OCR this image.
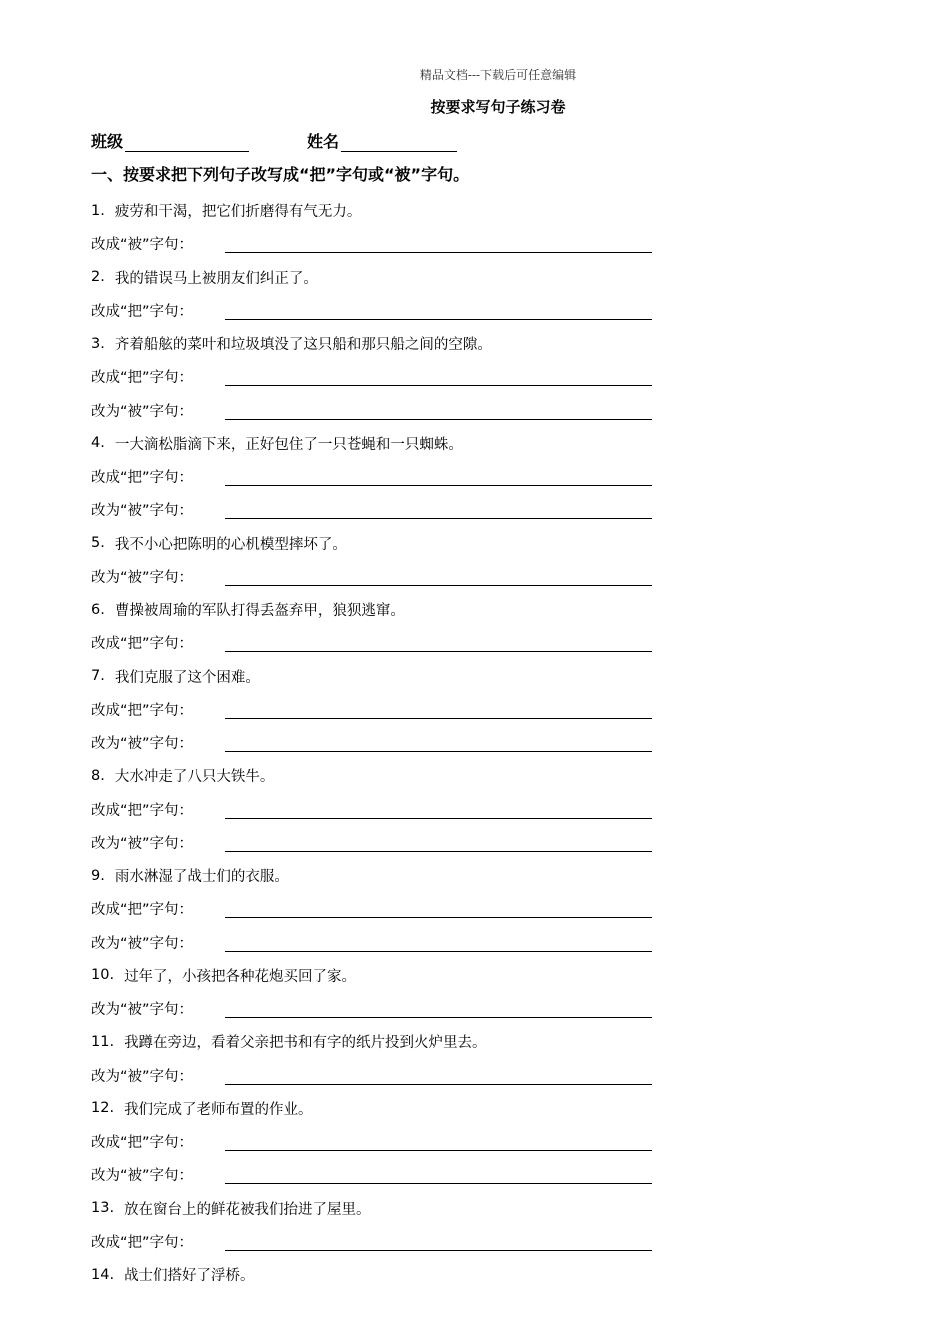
精品文档---下载后可任意编辑
按要求写句子练习卷
班级	姓名
一、按要求把下列句子改写成“把”字句或“被”字句。
1. 疲劳和干渴，把它们折磨得有气无力。
改成“被”字句：
2. 我的错误马上被朋友们纠正了。
改成“把”字句：
3. 齐着船舷的菜叶和垃圾填没了这只船和那只船之间的空隙。
改成“把”字句：
改为“被”字句：
4. 一大滴松脂滴下来，正好包住了一只苍蝇和一只蜘蛛。
改成“把”字句：
改为“被”字句：
5. 我不小心把陈明的心机模型摔坏了。
改为“被”字句：
6. 曹操被周瑜的军队打得丢盔弃甲，狼狈逃窜。
改成“把”字句：
7. 我们克服了这个困难。
改成“把”字句：
改为“被”字句：
8. 大水冲走了八只大铁牛。
改成“把”字句：
改为“被”字句：
9. 雨水淋湿了战士们的衣服。
改成“把”字句：
改为“被”字句：
10. 过年了，小孩把各种花炮买回了家。
改为“被”字句：
11. 我蹲在旁边，看着父亲把书和有字的纸片投到火炉里去。
改为“被”字句：
12. 我们完成了老师布置的作业。
改成“把”字句：
改为“被”字句：
13. 放在窗台上的鲜花被我们抬进了屋里。
改成“把”字句：
14. 战士们搭好了浮桥。
